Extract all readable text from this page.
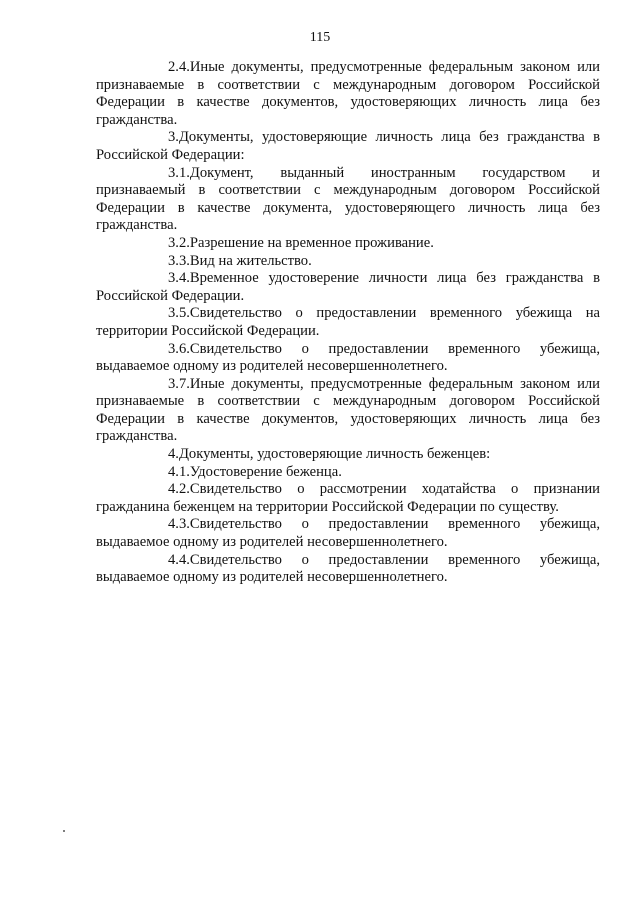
115

2.4.Иные документы, предусмотренные федеральным законом или признаваемые в соответствии с международным договором Российской Федерации в качестве документов, удостоверяющих личность лица без гражданства.

3.Документы, удостоверяющие личность лица без гражданства в Российской Федерации:

3.1.Документ, выданный иностранным государством и признаваемый в соответствии с международным договором Российской Федерации в качестве документа, удостоверяющего личность лица без гражданства.

3.2.Разрешение на временное проживание.

3.3.Вид на жительство.

3.4.Временное удостоверение личности лица без гражданства в Российской Федерации.

3.5.Свидетельство о предоставлении временного убежища на территории Российской Федерации.

3.6.Свидетельство о предоставлении временного убежища, выдаваемое одному из родителей несовершеннолетнего.

3.7.Иные документы, предусмотренные федеральным законом или признаваемые в соответствии с международным договором Российской Федерации в качестве документов, удостоверяющих личность лица без гражданства.

4.Документы, удостоверяющие личность беженцев:

4.1.Удостоверение беженца.

4.2.Свидетельство о рассмотрении ходатайства о признании гражданина беженцем на территории Российской Федерации по существу.

4.3.Свидетельство о предоставлении временного убежища, выдаваемое одному из родителей несовершеннолетнего.

4.4.Свидетельство о предоставлении временного убежища, выдаваемое одному из родителей несовершеннолетнего.
